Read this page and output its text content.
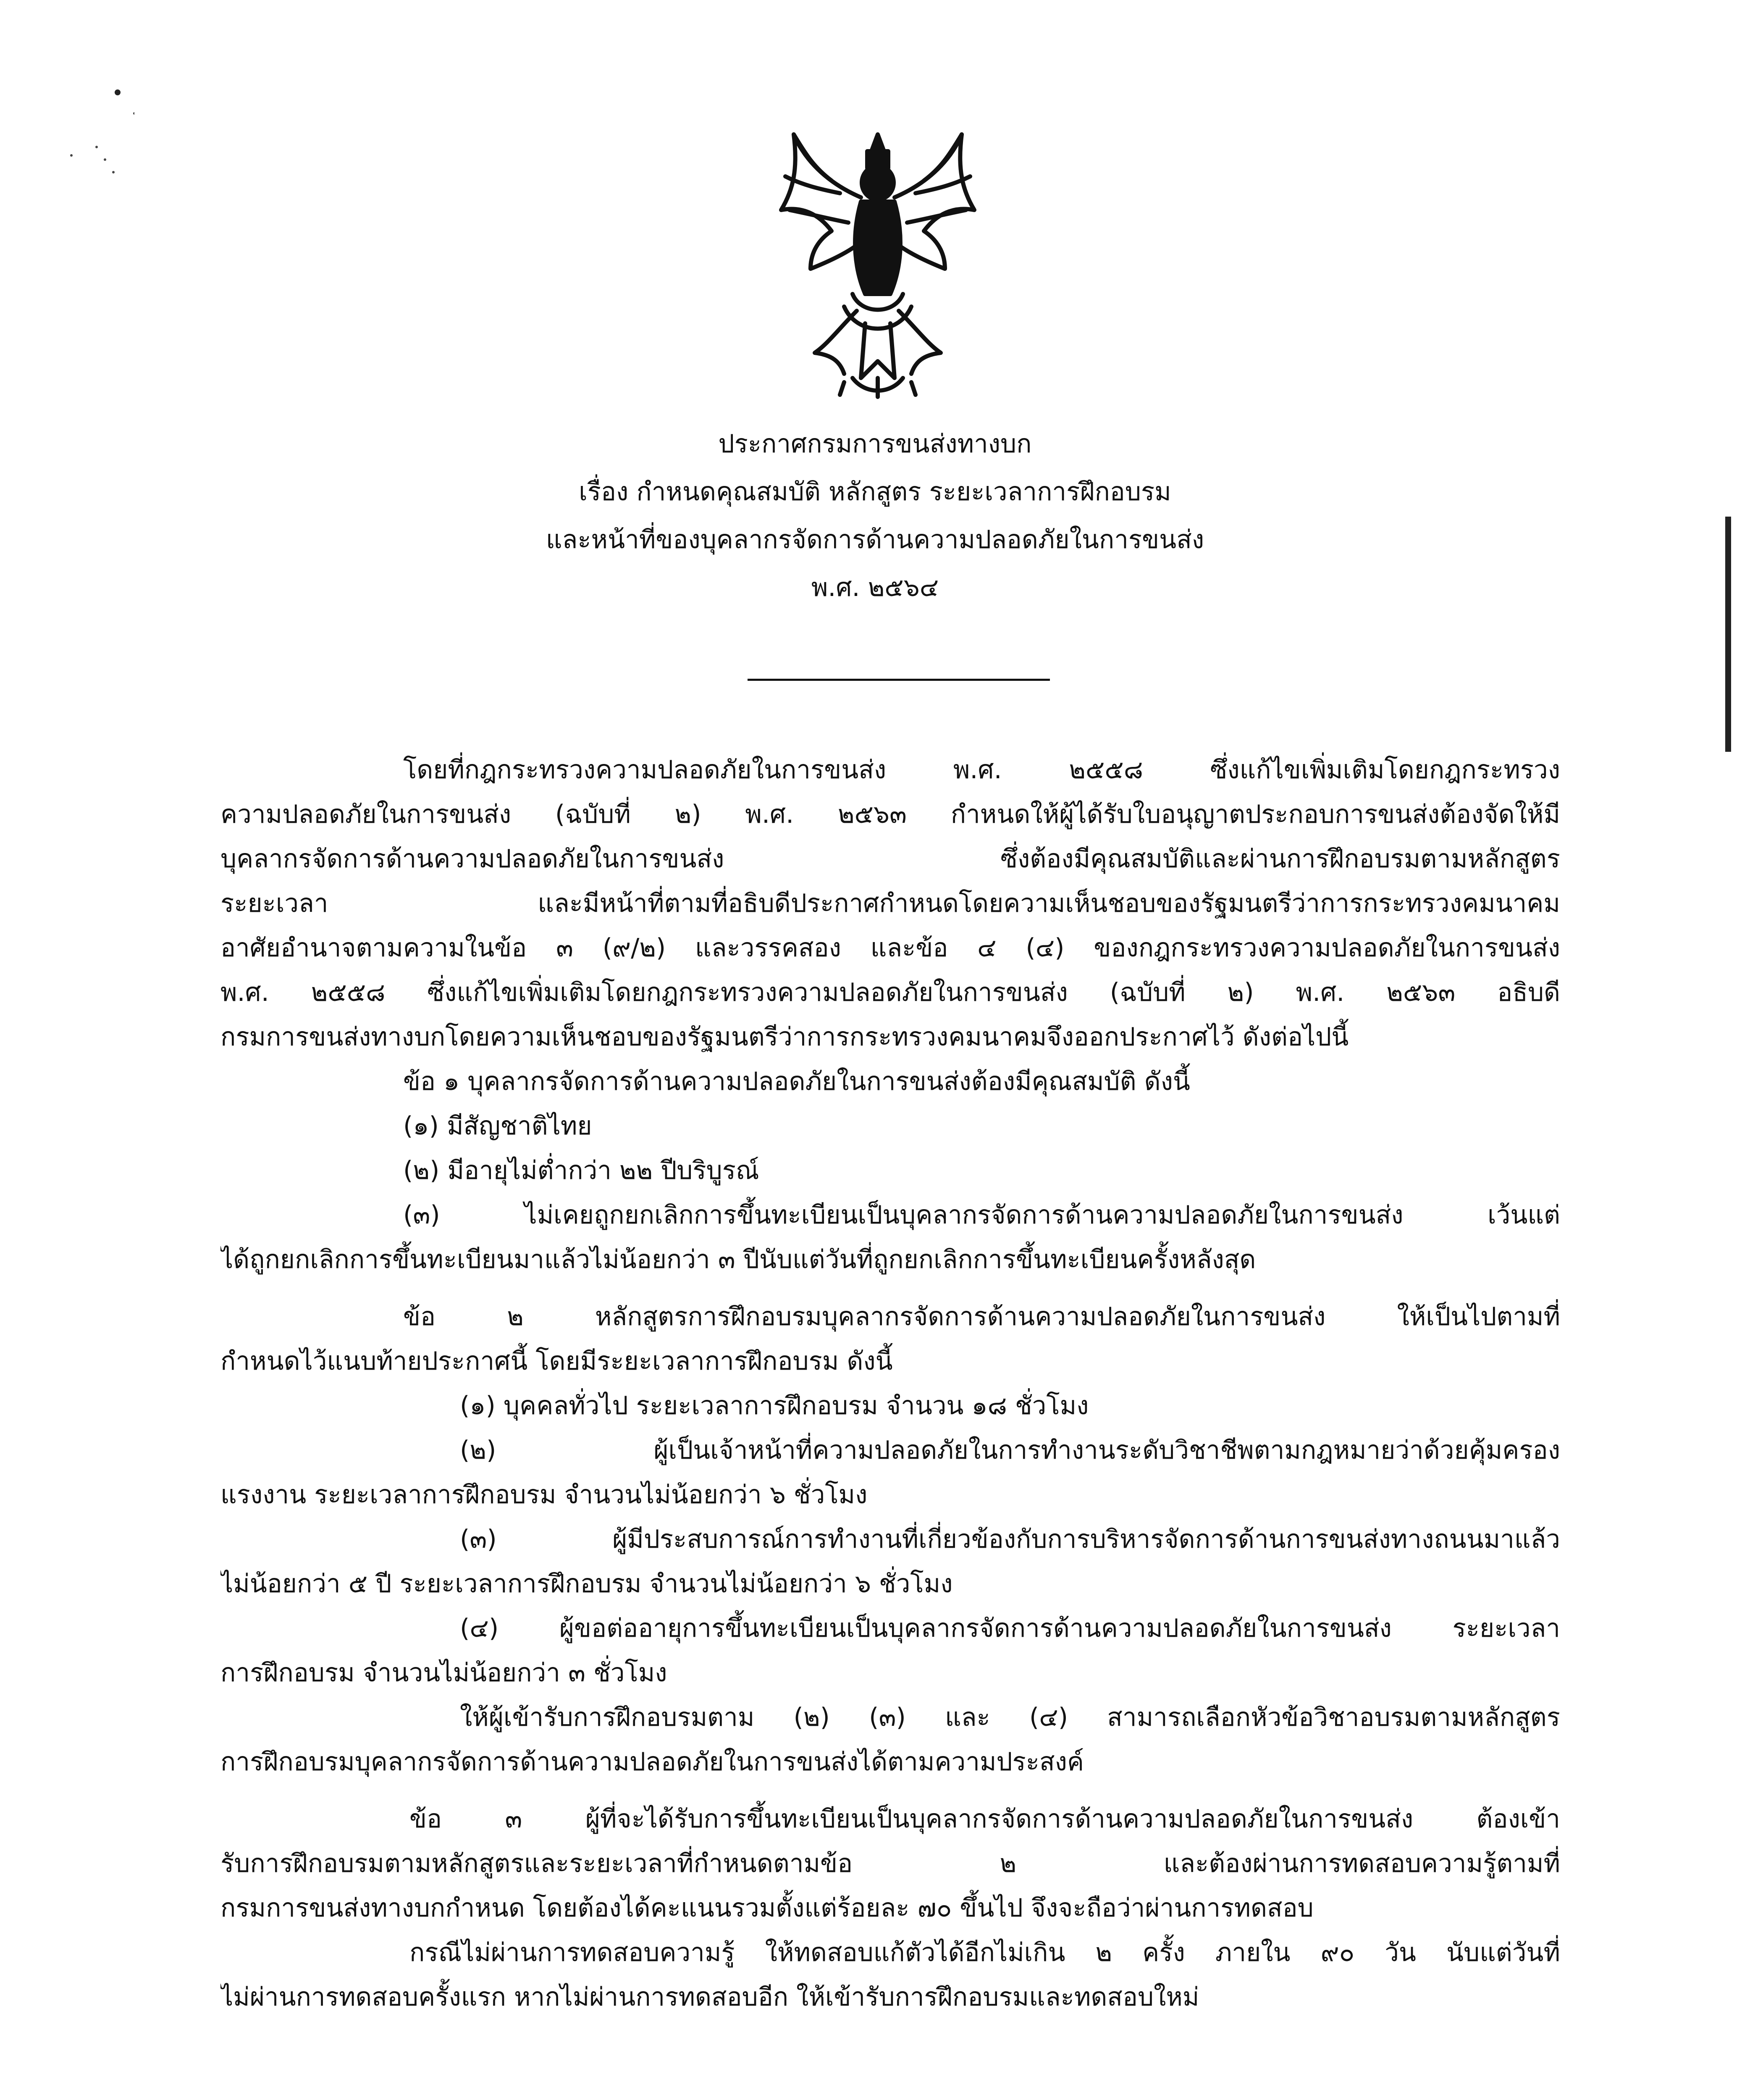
ประกาศกรมการขนส่งทางบก
เรื่อง กำหนดคุณสมบัติ หลักสูตร ระยะเวลาการฝึกอบรม
และหน้าที่ของบุคลากรจัดการด้านความปลอดภัยในการขนส่ง
พ.ศ. ๒๕๖๔
โดยที่กฎกระทรวงความปลอดภัยในการขนส่ง พ.ศ. ๒๕๕๘ ซึ่งแก้ไขเพิ่มเติมโดยกฎกระทรวง
ความปลอดภัยในการขนส่ง (ฉบับที่ ๒) พ.ศ. ๒๕๖๓ กำหนดให้ผู้ได้รับใบอนุญาตประกอบการขนส่งต้องจัดให้มี
บุคลากรจัดการด้านความปลอดภัยในการขนส่ง ซึ่งต้องมีคุณสมบัติและผ่านการฝึกอบรมตามหลักสูตร
ระยะเวลา และมีหน้าที่ตามที่อธิบดีประกาศกำหนดโดยความเห็นชอบของรัฐมนตรีว่าการกระทรวงคมนาคม
อาศัยอำนาจตามความในข้อ ๓ (๙/๒) และวรรคสอง และข้อ ๔ (๔) ของกฎกระทรวงความปลอดภัยในการขนส่ง
พ.ศ. ๒๕๕๘ ซึ่งแก้ไขเพิ่มเติมโดยกฎกระทรวงความปลอดภัยในการขนส่ง (ฉบับที่ ๒) พ.ศ. ๒๕๖๓ อธิบดี
กรมการขนส่งทางบกโดยความเห็นชอบของรัฐมนตรีว่าการกระทรวงคมนาคมจึงออกประกาศไว้ ดังต่อไปนี้
ข้อ ๑ บุคลากรจัดการด้านความปลอดภัยในการขนส่งต้องมีคุณสมบัติ ดังนี้
(๑) มีสัญชาติไทย
(๒) มีอายุไม่ต่ำกว่า ๒๒ ปีบริบูรณ์
(๓) ไม่เคยถูกยกเลิกการขึ้นทะเบียนเป็นบุคลากรจัดการด้านความปลอดภัยในการขนส่ง เว้นแต่
ได้ถูกยกเลิกการขึ้นทะเบียนมาแล้วไม่น้อยกว่า ๓ ปีนับแต่วันที่ถูกยกเลิกการขึ้นทะเบียนครั้งหลังสุด
ข้อ ๒ หลักสูตรการฝึกอบรมบุคลากรจัดการด้านความปลอดภัยในการขนส่ง ให้เป็นไปตามที่
กำหนดไว้แนบท้ายประกาศนี้ โดยมีระยะเวลาการฝึกอบรม ดังนี้
(๑) บุคคลทั่วไป ระยะเวลาการฝึกอบรม จำนวน ๑๘ ชั่วโมง
(๒) ผู้เป็นเจ้าหน้าที่ความปลอดภัยในการทำงานระดับวิชาชีพตามกฎหมายว่าด้วยคุ้มครอง
แรงงาน ระยะเวลาการฝึกอบรม จำนวนไม่น้อยกว่า ๖ ชั่วโมง
(๓) ผู้มีประสบการณ์การทำงานที่เกี่ยวข้องกับการบริหารจัดการด้านการขนส่งทางถนนมาแล้ว
ไม่น้อยกว่า ๕ ปี ระยะเวลาการฝึกอบรม จำนวนไม่น้อยกว่า ๖ ชั่วโมง
(๔) ผู้ขอต่ออายุการขึ้นทะเบียนเป็นบุคลากรจัดการด้านความปลอดภัยในการขนส่ง ระยะเวลา
การฝึกอบรม จำนวนไม่น้อยกว่า ๓ ชั่วโมง
ให้ผู้เข้ารับการฝึกอบรมตาม (๒) (๓) และ (๔) สามารถเลือกหัวข้อวิชาอบรมตามหลักสูตร
การฝึกอบรมบุคลากรจัดการด้านความปลอดภัยในการขนส่งได้ตามความประสงค์
ข้อ ๓ ผู้ที่จะได้รับการขึ้นทะเบียนเป็นบุคลากรจัดการด้านความปลอดภัยในการขนส่ง ต้องเข้า
รับการฝึกอบรมตามหลักสูตรและระยะเวลาที่กำหนดตามข้อ ๒ และต้องผ่านการทดสอบความรู้ตามที่
กรมการขนส่งทางบกกำหนด โดยต้องได้คะแนนรวมตั้งแต่ร้อยละ ๗๐ ขึ้นไป จึงจะถือว่าผ่านการทดสอบ
กรณีไม่ผ่านการทดสอบความรู้ ให้ทดสอบแก้ตัวได้อีกไม่เกิน ๒ ครั้ง ภายใน ๙๐ วัน นับแต่วันที่
ไม่ผ่านการทดสอบครั้งแรก หากไม่ผ่านการทดสอบอีก ให้เข้ารับการฝึกอบรมและทดสอบใหม่
